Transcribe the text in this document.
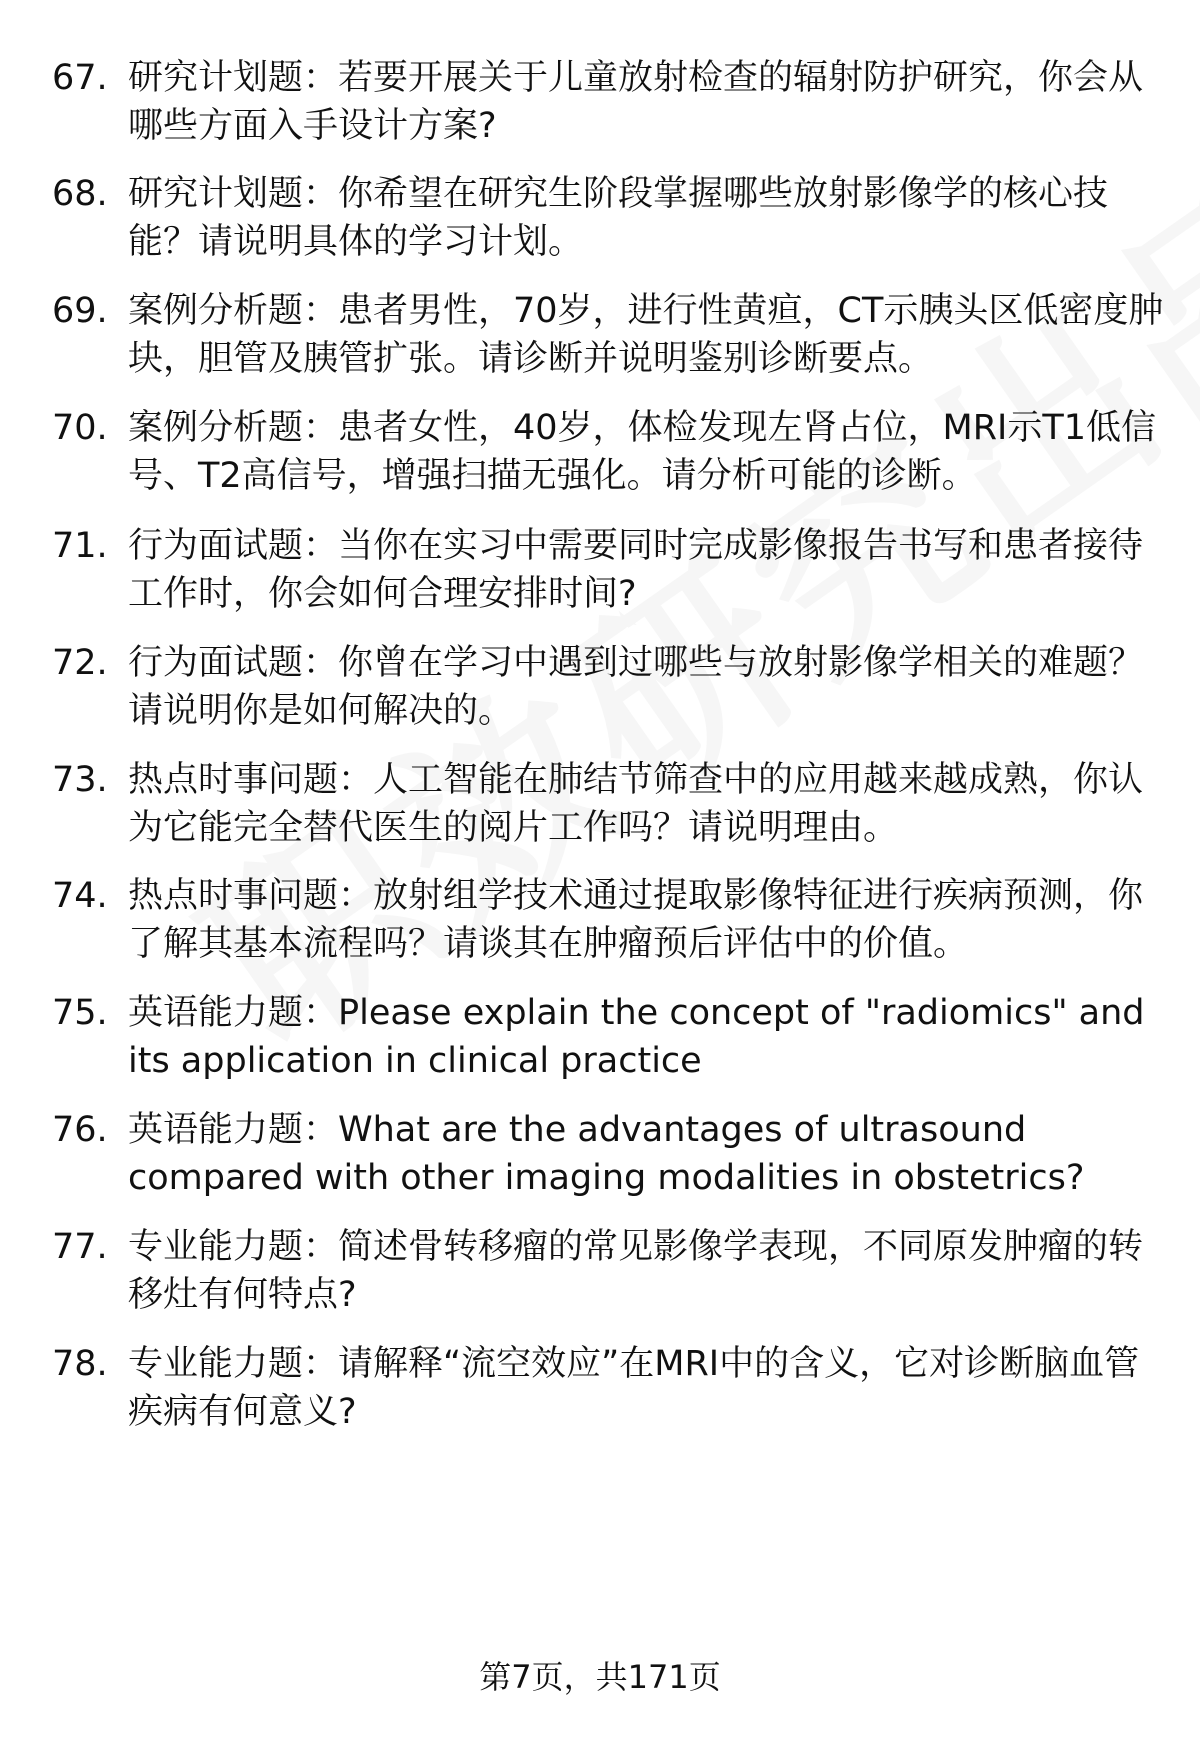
67. 研究计划题：若要开展关于儿童放射检查的辐射防护研究，你会从哪些方面入手设计方案?
68. 研究计划题：你希望在研究生阶段掌握哪些放射影像学的核心技能？请说明具体的学习计划。
69. 案例分析题：患者男性，70岁，进行性黄疸，CT示胰头区低密度肿块，胆管及胰管扩张。请诊断并说明鉴别诊断要点。
70. 案例分析题：患者女性，40岁，体检发现左肾占位，MRI示T1低信号、T2高信号，增强扫描无强化。请分析可能的诊断。
71. 行为面试题：当你在实习中需要同时完成影像报告书写和患者接待工作时，你会如何合理安排时间?
72. 行为面试题：你曾在学习中遇到过哪些与放射影像学相关的难题？请说明你是如何解决的。
73. 热点时事问题：人工智能在肺结节筛查中的应用越来越成熟，你认为它能完全替代医生的阅片工作吗？请说明理由。
74. 热点时事问题：放射组学技术通过提取影像特征进行疾病预测，你了解其基本流程吗？请谈其在肿瘤预后评估中的价值。
75. 英语能力题：Please explain the concept of "radiomics" and its application in clinical practice
76. 英语能力题：What are the advantages of ultrasound compared with other imaging modalities in obstetrics?
77. 专业能力题：简述骨转移瘤的常见影像学表现，不同原发肿瘤的转移灶有何特点?
78. 专业能力题：请解释“流空效应”在MRI中的含义，它对诊断脑血管疾病有何意义?
第7页，共171页
